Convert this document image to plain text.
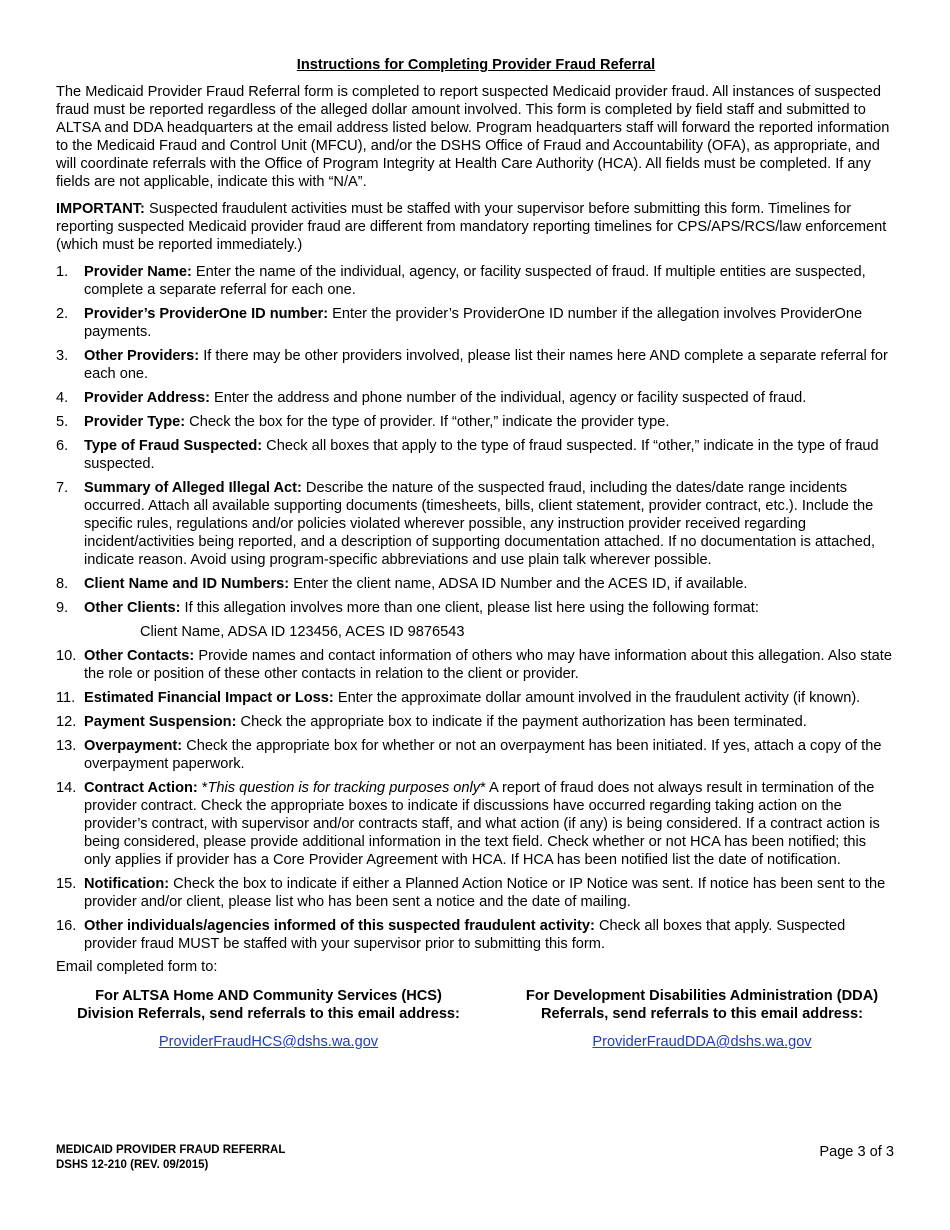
Instructions for Completing Provider Fraud Referral

The Medicaid Provider Fraud Referral form is completed to report suspected Medicaid provider fraud. All instances of suspected fraud must be reported regardless of the alleged dollar amount involved. This form is completed by field staff and submitted to ALTSA and DDA headquarters at the email address listed below. Program headquarters staff will forward the reported information to the Medicaid Fraud and Control Unit (MFCU), and/or the DSHS Office of Fraud and Accountability (OFA), as appropriate, and will coordinate referrals with the Office of Program Integrity at Health Care Authority (HCA). All fields must be completed. If any fields are not applicable, indicate this with “N/A”.

IMPORTANT: Suspected fraudulent activities must be staffed with your supervisor before submitting this form. Timelines for reporting suspected Medicaid provider fraud are different from mandatory reporting timelines for CPS/APS/RCS/law enforcement (which must be reported immediately.)

1.	Provider Name: Enter the name of the individual, agency, or facility suspected of fraud. If multiple entities are suspected, complete a separate referral for each one.
2.	Provider’s ProviderOne ID number: Enter the provider’s ProviderOne ID number if the allegation involves ProviderOne payments.
3.	Other Providers: If there may be other providers involved, please list their names here AND complete a separate referral for each one.
4.	Provider Address: Enter the address and phone number of the individual, agency or facility suspected of fraud.
5.	Provider Type: Check the box for the type of provider. If “other,” indicate the provider type.
6.	Type of Fraud Suspected: Check all boxes that apply to the type of fraud suspected. If “other,” indicate in the type of fraud suspected.
7.	Summary of Alleged Illegal Act: Describe the nature of the suspected fraud, including the dates/date range incidents occurred. Attach all available supporting documents (timesheets, bills, client statement, provider contract, etc.). Include the specific rules, regulations and/or policies violated wherever possible, any instruction provider received regarding incident/activities being reported, and a description of supporting documentation attached. If no documentation is attached, indicate reason. Avoid using program-specific abbreviations and use plain talk wherever possible.
8.	Client Name and ID Numbers: Enter the client name, ADSA ID Number and the ACES ID, if available.
9.	Other Clients: If this allegation involves more than one client, please list here using the following format:
Client Name, ADSA ID 123456, ACES ID 9876543
10. Other Contacts: Provide names and contact information of others who may have information about this allegation. Also state the role or position of these other contacts in relation to the client or provider.
11. Estimated Financial Impact or Loss: Enter the approximate dollar amount involved in the fraudulent activity (if known).
12. Payment Suspension: Check the appropriate box to indicate if the payment authorization has been terminated.
13. Overpayment: Check the appropriate box for whether or not an overpayment has been initiated. If yes, attach a copy of the overpayment paperwork.
14. Contract Action: *This question is for tracking purposes only* A report of fraud does not always result in termination of the provider contract. Check the appropriate boxes to indicate if discussions have occurred regarding taking action on the provider’s contract, with supervisor and/or contracts staff, and what action (if any) is being considered. If a contract action is being considered, please provide additional information in the text field. Check whether or not HCA has been notified; this only applies if provider has a Core Provider Agreement with HCA. If HCA has been notified list the date of notification.
15. Notification: Check the box to indicate if either a Planned Action Notice or IP Notice was sent. If notice has been sent to the provider and/or client, please list who has been sent a notice and the date of mailing.
16. Other individuals/agencies informed of this suspected fraudulent activity: Check all boxes that apply. Suspected provider fraud MUST be staffed with your supervisor prior to submitting this form.

Email completed form to:

For ALTSA Home AND Community Services (HCS)
Division Referrals, send referrals to this email address:
ProviderFraudHCS@dshs.wa.gov
For Development Disabilities Administration (DDA)
Referrals, send referrals to this email address:
ProviderFraudDDA@dshs.wa.gov
MEDICAID PROVIDER FRAUD REFERRAL
DSHS 12-210 (REV. 09/2015)
Page 3 of 3
